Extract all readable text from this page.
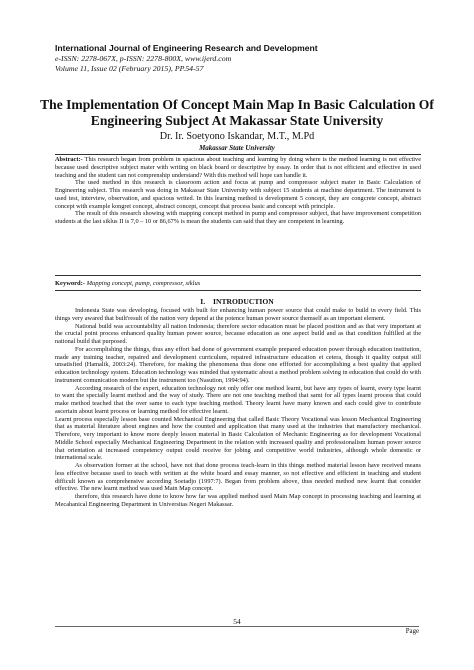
International Journal of Engineering Research and Development
e-ISSN: 2278-067X, p-ISSN: 2278-800X, www.ijerd.com
Volume 11, Issue 02 (February 2015), PP.54-57
The Implementation Of Concept Main Map In Basic Calculation Of Engineering Subject At Makassar State University
Dr. Ir. Soetyono Iskandar, M.T., M.Pd
Makassar State University

Abstract:- This research began from problem in spacious about teaching and learning by doing where is the method learning is not effective because used descriptive subject mater with writing on black board or descriptive by essay. In order that is not efficient and effective in used teaching and the student can not comprenship understand? With this method will hope can handle it.

The used method in this research is classroom action and focus at pump and compressor subject mater in Basic Calculation of Engineering subject. This research was doing in Makassar State University with subject 15 students at machine department. The instrument is used test, interview, observation, and spacious writed. In this learning method is development 5 concept, they are congcrete concept, abstract concept with example kongret concept, abstract concept, concept that process basic and concept with principle.

The result of this research showing with mapping concept method in pump and compressor subject, that have improvement competition students at the last siklus II is 7,0 – 10 or 86,67% is mean the students can said that they are competent in learning.

Keyword:- Mapping concept, pump, compressor, siklus
I. INTRODUCTION

Indonesia State was developing, focused with built for enhancing human power source that could make to build in every field. This things very awared that built'result of the nation very depend at the potence human power source themself as an important element.

National build was accountability all nation Indonesia; therefore sector education must be placed position and as that very important at the crucial point process enhanced quality human power source, because education as one aspect build and as that condition fulfilled at the national build that purposed.

For accomplishing the things, thus any effort had done of government example prepared education power through education institution, made any training teacher, repaired and development curriculum, repaired infrastructure education et cetera, though it quality output still unsatisfied (Hamalik, 2003:24). Therefore, for making the phenomena thus done one effforted for accomplishing a best quality that applied education technology system. Education technology was minded that systematic about a method problem solving in education that could do with instrument comunication modern but the instrument too (Nasution, 1994:94).

According research of the expert, education technology not only offer one method learnt, but have any types of learnt, every type learnt to want the specially learnt method and the way of study. There are not one teaching method that samt for all types learnt process that could make method teached that the over same to each type teaching method. Theory learnt have many known and each could give to contribute ascertain about learnt process or learning method for effective learnt.

Learnt process especially lesson base counted Mechanical Engineering that called Basic Theory Vocational was lesson Mechanical Engineering that as material literature about engines and how the counted and application that many used at the industries that manufactory mechanical. Therefore, very important to know more deeply lesson material in Basic Calculation of Mechanic Engineering as for development Vocational Middle School especially Mechanical Engineering Department in the relation with increased quality and professionalism human power source that orientation at increased competency output could receive for jobing and competitive world industries, although whole domestic or international scale.

As observation former at the school, have not that done process teach-learn in this things method material lesson have received means less effective because used to teach with written at the white board and essay manner, so not effective and efficient in teaching and student difficult known as comprehensive according Soetadjo (1997:7). Began from problem above, thus needed method new learnt that consider effective. The new learnt method was used Main Map concept.

therefore, this research have done to know how far was applied method used Main Map concept in processing teaching and learning at Mecahanical Engineering Department in Universitas Negeri Makassar.

54
Page
